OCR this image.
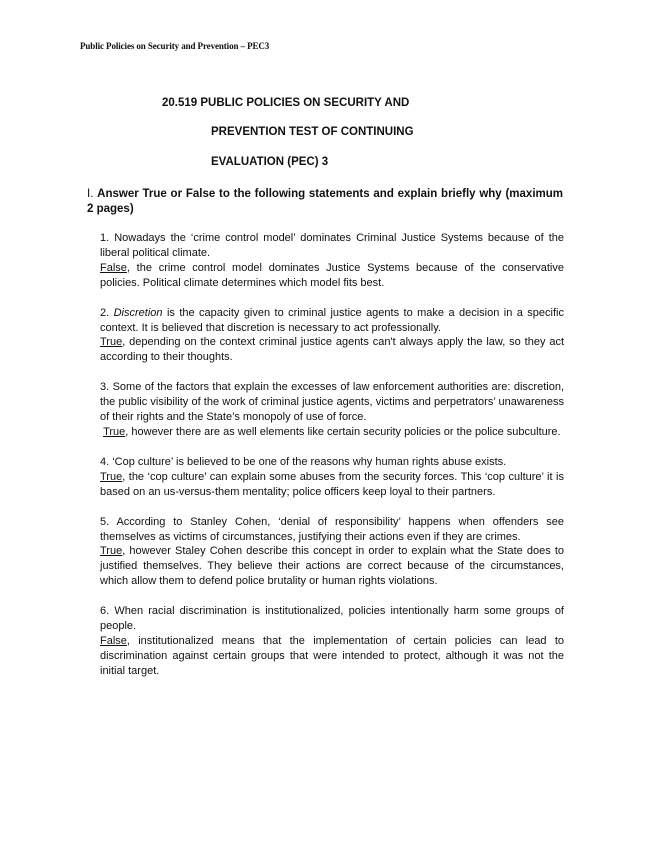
Public Policies on Security and Prevention – PEC3
20.519 PUBLIC POLICIES ON SECURITY AND
PREVENTION TEST OF CONTINUING
EVALUATION (PEC) 3
I. Answer True or False to the following statements and explain briefly why (maximum 2 pages)
1. Nowadays the ‘crime control model’ dominates Criminal Justice Systems because of the liberal political climate.
False, the crime control model dominates Justice Systems because of the conservative policies. Political climate determines which model fits best.
2. Discretion is the capacity given to criminal justice agents to make a decision in a specific context. It is believed that discretion is necessary to act professionally.
True, depending on the context criminal justice agents can't always apply the law, so they act according to their thoughts.
3. Some of the factors that explain the excesses of law enforcement authorities are: discretion, the public visibility of the work of criminal justice agents, victims and perpetrators’ unawareness of their rights and the State’s monopoly of use of force.
True, however there are as well elements like certain security policies or the police subculture.
4. ‘Cop culture’ is believed to be one of the reasons why human rights abuse exists.
True, the ‘cop culture’ can explain some abuses from the security forces. This ‘cop culture’ it is based on an us-versus-them mentality; police officers keep loyal to their partners.
5. According to Stanley Cohen, ‘denial of responsibility’ happens when offenders see themselves as victims of circumstances, justifying their actions even if they are crimes.
True, however Staley Cohen describe this concept in order to explain what the State does to justified themselves. They believe their actions are correct because of the circumstances, which allow them to defend police brutality or human rights violations.
6. When racial discrimination is institutionalized, policies intentionally harm some groups of people.
False, institutionalized means that the implementation of certain policies can lead to discrimination against certain groups that were intended to protect, although it was not the initial target.
